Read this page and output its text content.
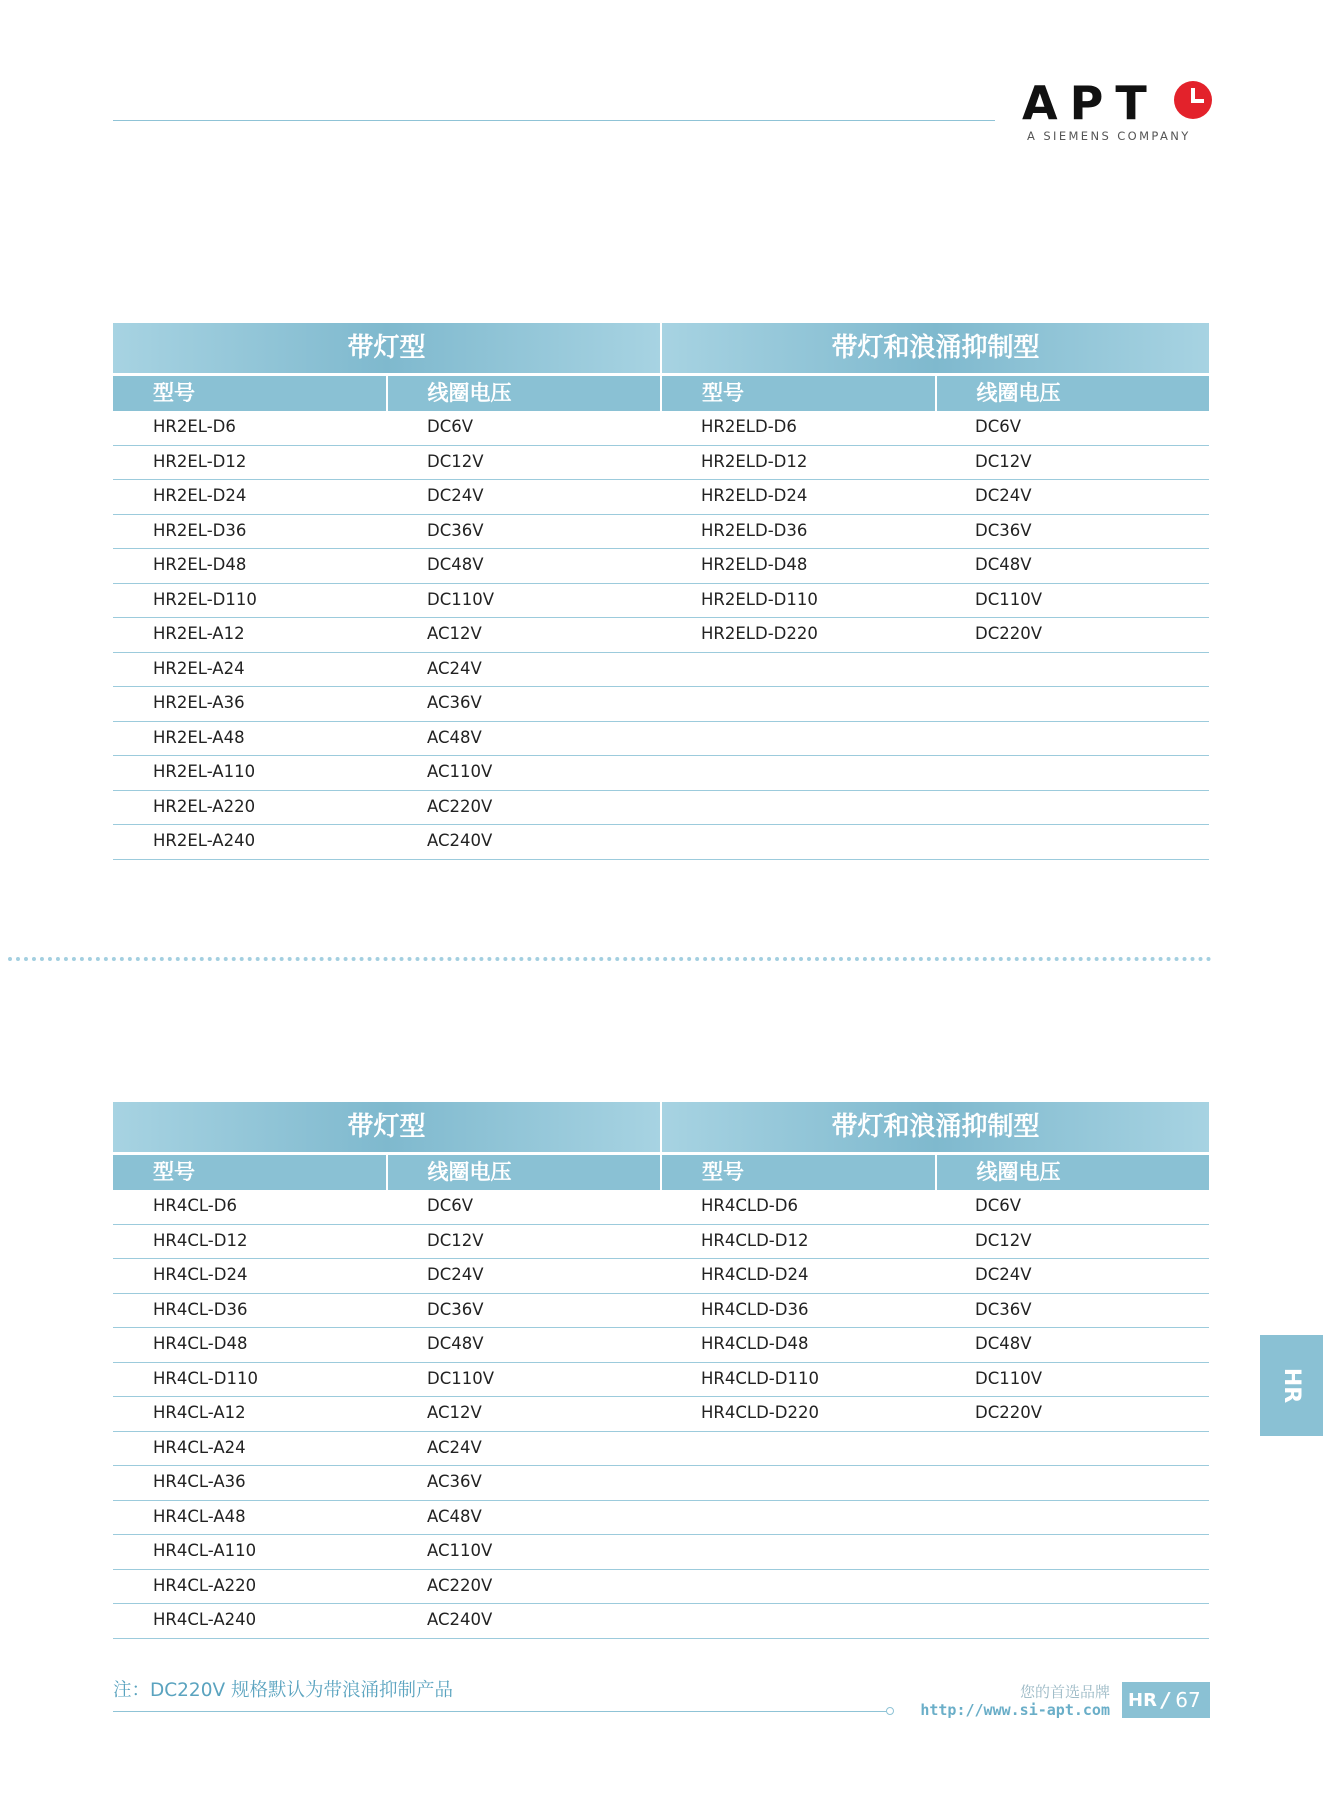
APT
A SIEMENS COMPANY
带灯型	带灯和浪涌抑制型
型号	线圈电压	型号	线圈电压
HR2EL-D6	DC6V	HR2ELD-D6	DC6V
HR2EL-D12	DC12V	HR2ELD-D12	DC12V
HR2EL-D24	DC24V	HR2ELD-D24	DC24V
HR2EL-D36	DC36V	HR2ELD-D36	DC36V
HR2EL-D48	DC48V	HR2ELD-D48	DC48V
HR2EL-D110	DC110V	HR2ELD-D110	DC110V
HR2EL-A12	AC12V	HR2ELD-D220	DC220V
HR2EL-A24	AC24V
HR2EL-A36	AC36V
HR2EL-A48	AC48V
HR2EL-A110	AC110V
HR2EL-A220	AC220V
HR2EL-A240	AC240V
带灯型	带灯和浪涌抑制型
型号	线圈电压	型号	线圈电压
HR4CL-D6	DC6V	HR4CLD-D6	DC6V
HR4CL-D12	DC12V	HR4CLD-D12	DC12V
HR4CL-D24	DC24V	HR4CLD-D24	DC24V
HR4CL-D36	DC36V	HR4CLD-D36	DC36V
HR4CL-D48	DC48V	HR4CLD-D48	DC48V
HR4CL-D110	DC110V	HR4CLD-D110	DC110V
HR4CL-A12	AC12V	HR4CLD-D220	DC220V
HR4CL-A24	AC24V
HR4CL-A36	AC36V
HR4CL-A48	AC48V
HR4CL-A110	AC110V
HR4CL-A220	AC220V
HR4CL-A240	AC240V
HR
注：DC220V 规格默认为带浪涌抑制产品	您的首选品牌
http://www.si-apt.com HR / 67
